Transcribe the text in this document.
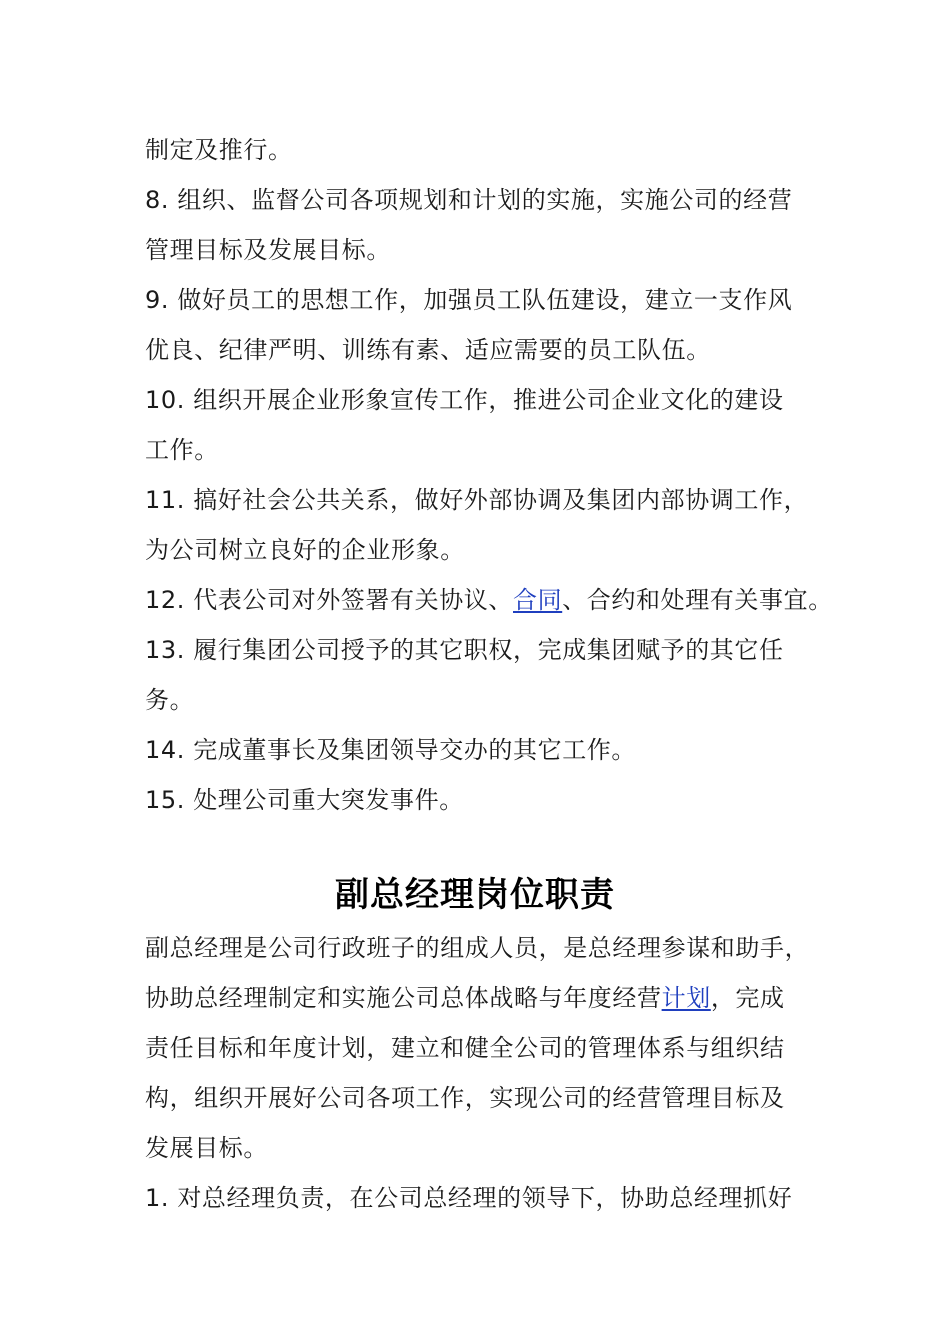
制定及推行。
8. 组织、监督公司各项规划和计划的实施，实施公司的经营
管理目标及发展目标。
9. 做好员工的思想工作，加强员工队伍建设，建立一支作风
优良、纪律严明、训练有素、适应需要的员工队伍。
10. 组织开展企业形象宣传工作，推进公司企业文化的建设
工作。
11. 搞好社会公共关系，做好外部协调及集团内部协调工作，
为公司树立良好的企业形象。
12. 代表公司对外签署有关协议、合同、合约和处理有关事宜。
13. 履行集团公司授予的其它职权，完成集团赋予的其它任
务。
14. 完成董事长及集团领导交办的其它工作。
15. 处理公司重大突发事件。
副总经理岗位职责
副总经理是公司行政班子的组成人员，是总经理参谋和助手，
协助总经理制定和实施公司总体战略与年度经营计划，完成
责任目标和年度计划，建立和健全公司的管理体系与组织结
构，组织开展好公司各项工作，实现公司的经营管理目标及
发展目标。
1. 对总经理负责，在公司总经理的领导下，协助总经理抓好
